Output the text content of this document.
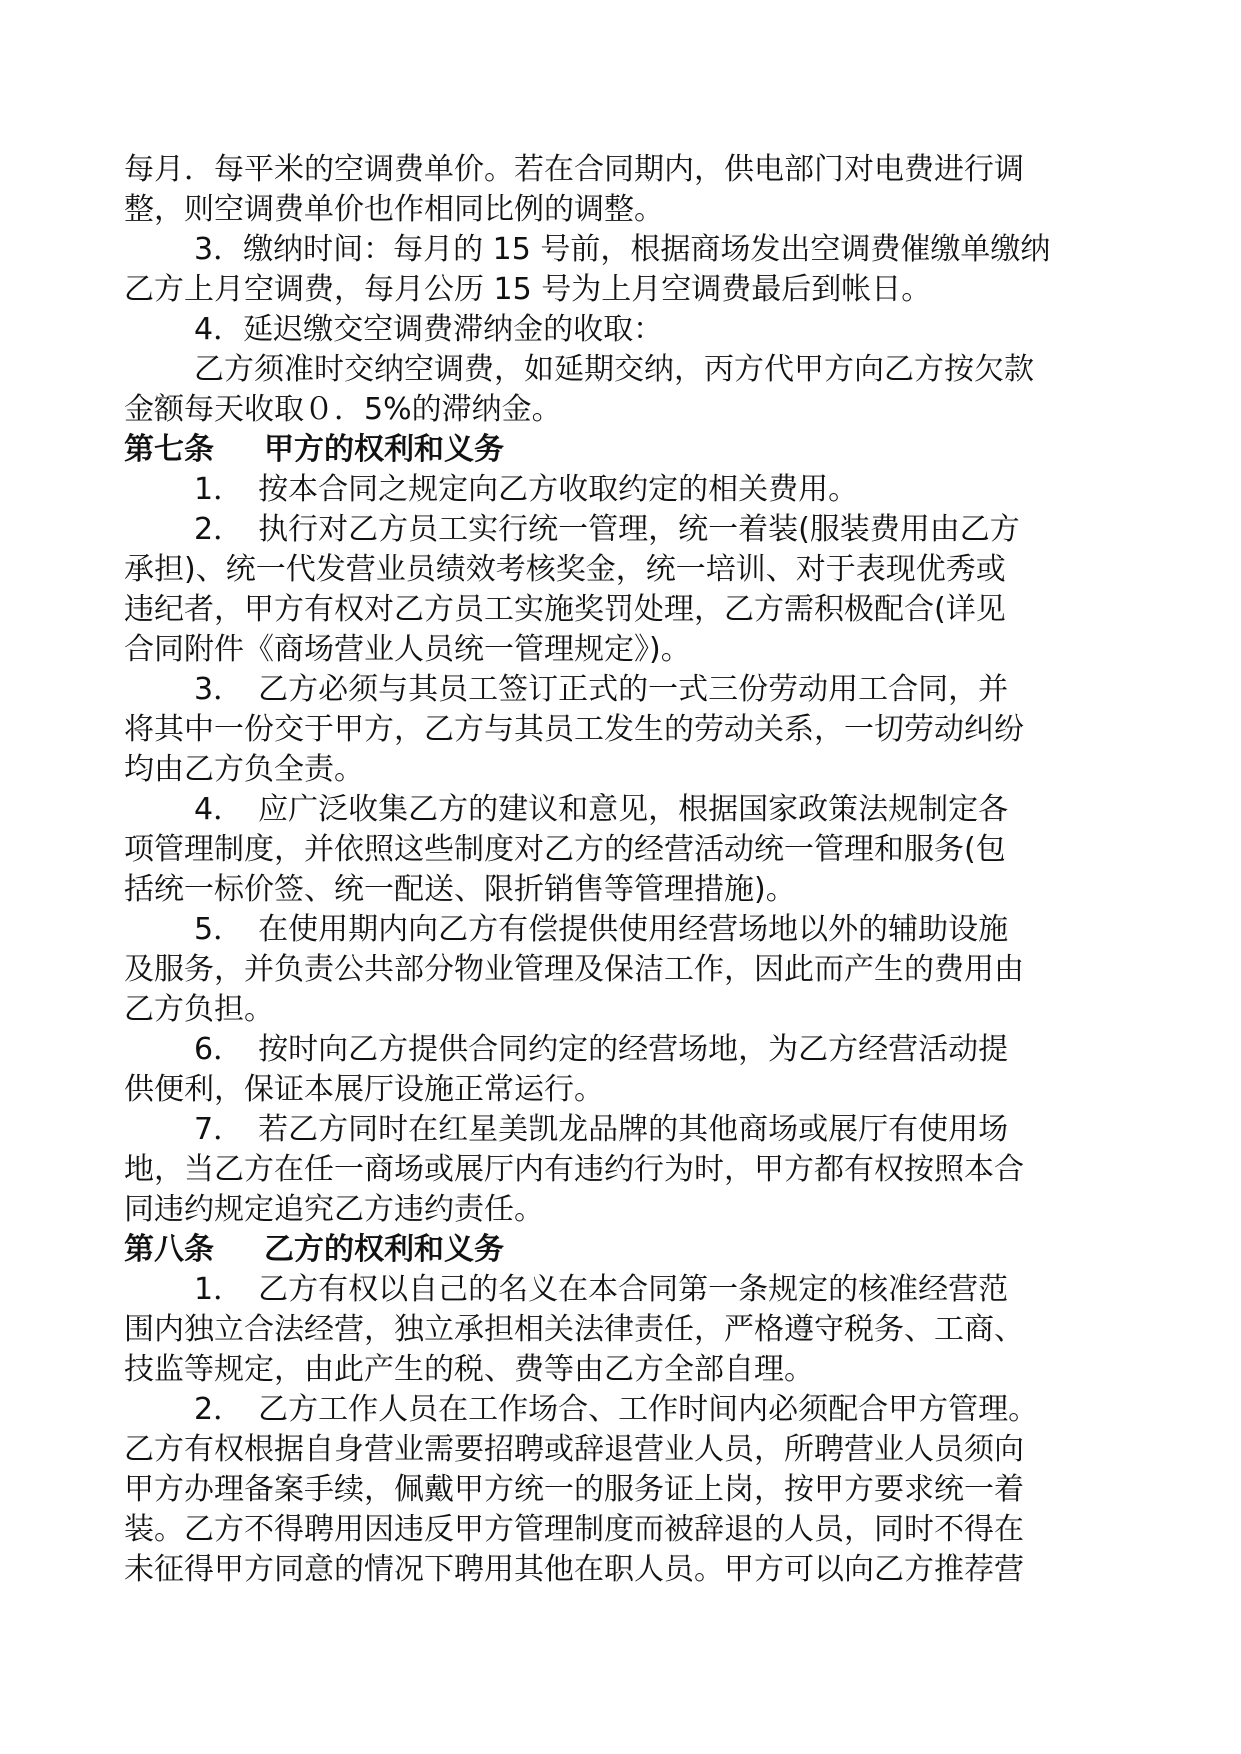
每月．每平米的空调费单价。若在合同期内，供电部门对电费进行调
整，则空调费单价也作相同比例的调整。
3．缴纳时间：每月的 15 号前，根据商场发出空调费催缴单缴纳
乙方上月空调费，每月公历 15 号为上月空调费最后到帐日。
4．延迟缴交空调费滞纳金的收取：
乙方须准时交纳空调费，如延期交纳，丙方代甲方向乙方按欠款
金额每天收取０．5%的滞纳金。
第七条 甲方的权利和义务
1．　按本合同之规定向乙方收取约定的相关费用。
2．　执行对乙方员工实行统一管理，统一着装(服装费用由乙方
承担)、统一代发营业员绩效考核奖金，统一培训、对于表现优秀或
违纪者，甲方有权对乙方员工实施奖罚处理，乙方需积极配合(详见
合同附件《商场营业人员统一管理规定》)。
3．　乙方必须与其员工签订正式的一式三份劳动用工合同，并
将其中一份交于甲方，乙方与其员工发生的劳动关系，一切劳动纠纷
均由乙方负全责。
4．　应广泛收集乙方的建议和意见，根据国家政策法规制定各
项管理制度，并依照这些制度对乙方的经营活动统一管理和服务(包
括统一标价签、统一配送、限折销售等管理措施)。
5．　在使用期内向乙方有偿提供使用经营场地以外的辅助设施
及服务，并负责公共部分物业管理及保洁工作，因此而产生的费用由
乙方负担。
6．　按时向乙方提供合同约定的经营场地，为乙方经营活动提
供便利，保证本展厅设施正常运行。
7．　若乙方同时在红星美凯龙品牌的其他商场或展厅有使用场
地，当乙方在任一商场或展厅内有违约行为时，甲方都有权按照本合
同违约规定追究乙方违约责任。
第八条 乙方的权利和义务
1．　乙方有权以自己的名义在本合同第一条规定的核准经营范
围内独立合法经营，独立承担相关法律责任，严格遵守税务、工商、
技监等规定，由此产生的税、费等由乙方全部自理。
2．　乙方工作人员在工作场合、工作时间内必须配合甲方管理。
乙方有权根据自身营业需要招聘或辞退营业人员，所聘营业人员须向
甲方办理备案手续，佩戴甲方统一的服务证上岗，按甲方要求统一着
装。乙方不得聘用因违反甲方管理制度而被辞退的人员，同时不得在
未征得甲方同意的情况下聘用其他在职人员。甲方可以向乙方推荐营
